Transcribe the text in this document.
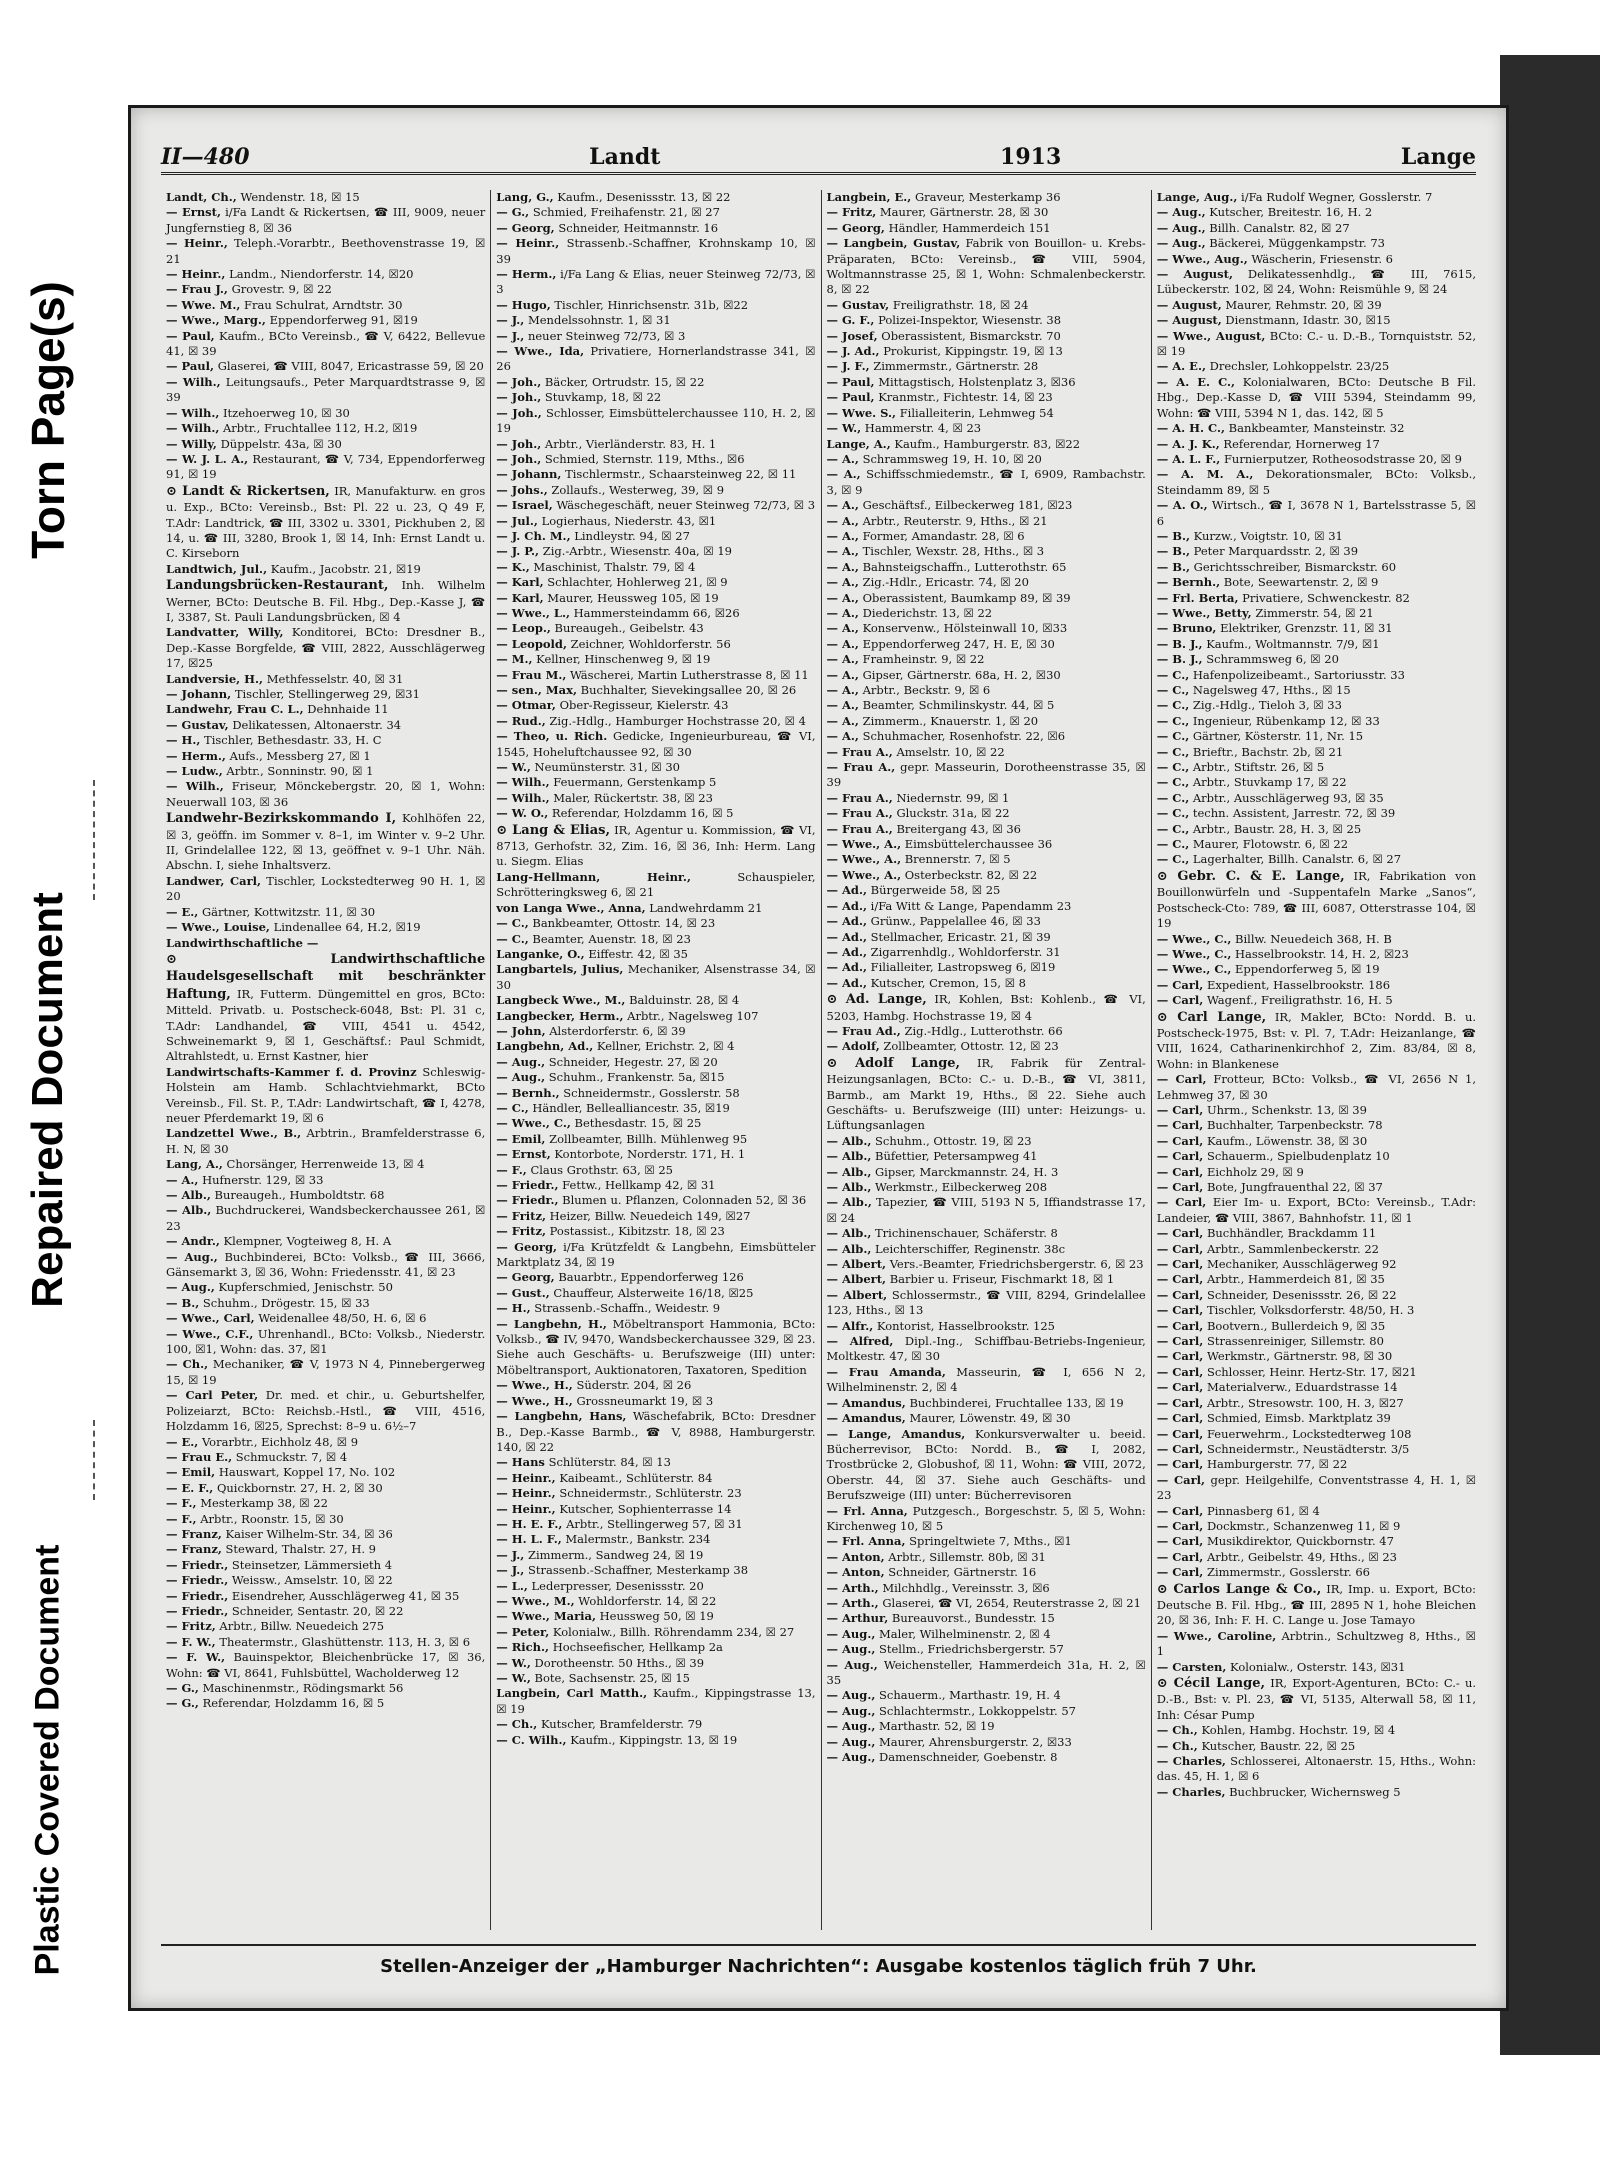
Torn Page(s)
Repaired Document
Plastic Covered Document
II—480	Landt	1913	Lange

Landt, Ch., Wendenstr. 18, ☒ 15

— Ernst, i/Fa Landt & Rickertsen, ☎ III, 9009, neuer Jungfernstieg 8, ☒ 36

— Heinr., Teleph.-Vorarbtr., Beethovenstrasse 19, ☒ 21

— Heinr., Landm., Niendorferstr. 14, ☒20

— Frau J., Grovestr. 9, ☒ 22

— Wwe. M., Frau Schulrat, Arndtstr. 30

— Wwe., Marg., Eppendorferweg 91, ☒19

— Paul, Kaufm., BCto Vereinsb., ☎ V, 6422, Bellevue 41, ☒ 39

— Paul, Glaserei, ☎ VIII, 8047, Ericastrasse 59, ☒ 20

— Wilh., Leitungsaufs., Peter Marquardtstrasse 9, ☒ 39

— Wilh., Itzehoerweg 10, ☒ 30

— Wilh., Arbtr., Fruchtallee 112, H.2, ☒19

— Willy, Düppelstr. 43a, ☒ 30

— W. J. L. A., Restaurant, ☎ V, 734, Eppendorferweg 91, ☒ 19

⊙ Landt & Rickertsen, IR, Manufakturw. en gros u. Exp., BCto: Vereinsb., Bst: Pl. 22 u. 23, Q 49 F, T.Adr: Landtrick, ☎ III, 3302 u. 3301, Pickhuben 2, ☒ 14, u. ☎ III, 3280, Brook 1, ☒ 14, Inh: Ernst Landt u. C. Kirseborn

Landtwich, Jul., Kaufm., Jacobstr. 21, ☒19

Landungsbrücken-Restaurant, Inh. Wilhelm Werner, BCto: Deutsche B. Fil. Hbg., Dep.-Kasse J, ☎ I, 3387, St. Pauli Landungsbrücken, ☒ 4

Landvatter, Willy, Konditorei, BCto: Dresdner B., Dep.-Kasse Borgfelde, ☎ VIII, 2822, Ausschlägerweg 17, ☒25

Landversie, H., Methfesselstr. 40, ☒ 31

— Johann, Tischler, Stellingerweg 29, ☒31

Landwehr, Frau C. L., Dehnhaide 11

— Gustav, Delikatessen, Altonaerstr. 34

— H., Tischler, Bethesdastr. 33, H. C

— Herm., Aufs., Messberg 27, ☒ 1

— Ludw., Arbtr., Sonninstr. 90, ☒ 1

— Wilh., Friseur, Mönckebergstr. 20, ☒ 1, Wohn: Neuerwall 103, ☒ 36

Landwehr-Bezirkskommando I, Kohlhöfen 22, ☒ 3, geöffn. im Sommer v. 8–1, im Winter v. 9–2 Uhr. II, Grindelallee 122, ☒ 13, geöffnet v. 9–1 Uhr. Näh. Abschn. I, siehe Inhaltsverz.

Landwer, Carl, Tischler, Lockstedterweg 90 H. 1, ☒ 20

— E., Gärtner, Kottwitzstr. 11, ☒ 30

— Wwe., Louise, Lindenallee 64, H.2, ☒19

Landwirthschaftliche —

⊙ Landwirthschaftliche Haudelsgesellschaft mit beschränkter Haftung, IR, Futterm. Düngemittel en gros, BCto: Mitteld. Privatb. u. Postscheck-6048, Bst: Pl. 31 c, T.Adr: Landhandel, ☎ VIII, 4541 u. 4542, Schweinemarkt 9, ☒ 1, Geschäftsf.: Paul Schmidt, Altrahlstedt, u. Ernst Kastner, hier

Landwirtschafts-Kammer f. d. Provinz Schleswig-Holstein am Hamb. Schlachtviehmarkt, BCto Vereinsb., Fil. St. P., T.Adr: Landwirtschaft, ☎ I, 4278, neuer Pferdemarkt 19, ☒ 6

Landzettel Wwe., B., Arbtrin., Bramfelderstrasse 6, H. N, ☒ 30

Lang, A., Chorsänger, Herrenweide 13, ☒ 4

— A., Hufnerstr. 129, ☒ 33

— Alb., Bureaugeh., Humboldtstr. 68

— Alb., Buchdruckerei, Wandsbeckerchaussee 261, ☒ 23

— Andr., Klempner, Vogteiweg 8, H. A

— Aug., Buchbinderei, BCto: Volksb., ☎ III, 3666, Gänsemarkt 3, ☒ 36, Wohn: Friedensstr. 41, ☒ 23

— Aug., Kupferschmied, Jenischstr. 50

— B., Schuhm., Drögestr. 15, ☒ 33

— Wwe., Carl, Weidenallee 48/50, H. 6, ☒ 6

— Wwe., C.F., Uhrenhandl., BCto: Volksb., Niederstr. 100, ☒1, Wohn: das. 37, ☒1

— Ch., Mechaniker, ☎ V, 1973 N 4, Pinnebergerweg 15, ☒ 19

— Carl Peter, Dr. med. et chir., u. Geburtshelfer, Polizeiarzt, BCto: Reichsb.-Hstl., ☎ VIII, 4516, Holzdamm 16, ☒25, Sprechst: 8–9 u. 6½–7

— E., Vorarbtr., Eichholz 48, ☒ 9

— Frau E., Schmuckstr. 7, ☒ 4

— Emil, Hauswart, Koppel 17, No. 102

— E. F., Quickbornstr. 27, H. 2, ☒ 30

— F., Mesterkamp 38, ☒ 22

— F., Arbtr., Roonstr. 15, ☒ 30

— Franz, Kaiser Wilhelm-Str. 34, ☒ 36

— Franz, Steward, Thalstr. 27, H. 9

— Friedr., Steinsetzer, Lämmersieth 4

— Friedr., Weissw., Amselstr. 10, ☒ 22

— Friedr., Eisendreher, Ausschlägerweg 41, ☒ 35

— Friedr., Schneider, Sentastr. 20, ☒ 22

— Fritz, Arbtr., Billw. Neuedeich 275

— F. W., Theatermstr., Glashüttenstr. 113, H. 3, ☒ 6

— F. W., Bauinspektor, Bleichenbrücke 17, ☒ 36, Wohn: ☎ VI, 8641, Fuhlsbüttel, Wacholderweg 12

— G., Maschinenmstr., Rödingsmarkt 56

— G., Referendar, Holzdamm 16, ☒ 5

Lang, G., Kaufm., Desenissstr. 13, ☒ 22

— G., Schmied, Freihafenstr. 21, ☒ 27

— Georg, Schneider, Heitmannstr. 16

— Heinr., Strassenb.-Schaffner, Krohnskamp 10, ☒ 39

— Herm., i/Fa Lang & Elias, neuer Steinweg 72/73, ☒ 3

— Hugo, Tischler, Hinrichsenstr. 31b, ☒22

— J., Mendelssohnstr. 1, ☒ 31

— J., neuer Steinweg 72/73, ☒ 3

— Wwe., Ida, Privatiere, Hornerlandstrasse 341, ☒ 26

— Joh., Bäcker, Ortrudstr. 15, ☒ 22

— Joh., Stuvkamp, 18, ☒ 22

— Joh., Schlosser, Eimsbüttelerchaussee 110, H. 2, ☒ 19

— Joh., Arbtr., Vierländerstr. 83, H. 1

— Joh., Schmied, Sternstr. 119, Mths., ☒6

— Johann, Tischlermstr., Schaarsteinweg 22, ☒ 11

— Johs., Zollaufs., Westerweg, 39, ☒ 9

— Israel, Wäschegeschäft, neuer Steinweg 72/73, ☒ 3

— Jul., Logierhaus, Niederstr. 43, ☒1

— J. Ch. M., Lindleystr. 94, ☒ 27

— J. P., Zig.-Arbtr., Wiesenstr. 40a, ☒ 19

— K., Maschinist, Thalstr. 79, ☒ 4

— Karl, Schlachter, Hohlerweg 21, ☒ 9

— Karl, Maurer, Heussweg 105, ☒ 19

— Wwe., L., Hammersteindamm 66, ☒26

— Leop., Bureaugeh., Geibelstr. 43

— Leopold, Zeichner, Wohldorferstr. 56

— M., Kellner, Hinschenweg 9, ☒ 19

— Frau M., Wäscherei, Martin Lutherstrasse 8, ☒ 11

— sen., Max, Buchhalter, Sievekingsallee 20, ☒ 26

— Otmar, Ober-Regisseur, Kielerstr. 43

— Rud., Zig.-Hdlg., Hamburger Hochstrasse 20, ☒ 4

— Theo, u. Rich. Gedicke, Ingenieurbureau, ☎ VI, 1545, Hoheluftchaussee 92, ☒ 30

— W., Neumünsterstr. 31, ☒ 30

— Wilh., Feuermann, Gerstenkamp 5

— Wilh., Maler, Rückertstr. 38, ☒ 23

— W. O., Referendar, Holzdamm 16, ☒ 5

⊙ Lang & Elias, IR, Agentur u. Kommission, ☎ VI, 8713, Gerhofstr. 32, Zim. 16, ☒ 36, Inh: Herm. Lang u. Siegm. Elias

Lang-Hellmann, Heinr.,	Schauspieler, Schrötteringksweg 6, ☒ 21

von Langa Wwe., Anna, Landwehrdamm 21

— C., Bankbeamter, Ottostr. 14, ☒ 23

— C., Beamter, Auenstr. 18, ☒ 23

Langanke, O., Eiffestr. 42, ☒ 35

Langbartels, Julius, Mechaniker, Alsenstrasse 34, ☒ 30

Langbeck Wwe., M., Balduinstr. 28, ☒ 4

Langbecker, Herm., Arbtr., Nagelsweg 107

— John, Alsterdorferstr. 6, ☒ 39

Langbehn, Ad., Kellner, Erichstr. 2, ☒ 4

— Aug., Schneider, Hegestr. 27, ☒ 20

— Aug., Schuhm., Frankenstr. 5a, ☒15

— Bernh., Schneidermstr., Gosslerstr. 58

— C., Händler, Bellealliancestr. 35, ☒19

— Wwe., C., Bethesdastr. 15, ☒ 25

— Emil, Zollbeamter, Billh. Mühlenweg 95

— Ernst, Kontorbote, Norderstr. 171, H. 1

— F., Claus Grothstr. 63, ☒ 25

— Friedr., Fettw., Hellkamp 42, ☒ 31

— Friedr., Blumen u. Pflanzen, Colonnaden 52, ☒ 36

— Fritz, Heizer, Billw. Neuedeich 149, ☒27

— Fritz, Postassist., Kibitzstr. 18, ☒ 23

— Georg, i/Fa Krützfeldt & Langbehn, Eimsbütteler Marktplatz 34, ☒ 19

— Georg, Bauarbtr., Eppendorferweg 126

— Gust., Chauffeur, Alsterweite 16/18, ☒25

— H., Strassenb.-Schaffn., Weidestr. 9

— Langbehn, H., Möbeltransport Hammonia, BCto: Volksb., ☎ IV, 9470, Wandsbeckerchaussee 329, ☒ 23. Siehe auch Geschäfts- u. Berufszweige (III) unter: Möbeltransport, Auktionatoren, Taxatoren, Spedition

— Wwe., H., Süderstr. 204, ☒ 26

— Wwe., H., Grossneumarkt 19, ☒ 3

— Langbehn, Hans, Wäschefabrik, BCto: Dresdner B., Dep.-Kasse Barmb., ☎ V, 8988, Hamburgerstr. 140, ☒ 22

— Hans Schlüterstr. 84, ☒ 13

— Heinr., Kaibeamt., Schlüterstr. 84

— Heinr., Schneidermstr., Schlüterstr. 23

— Heinr., Kutscher, Sophienterrasse 14

— H. E. F., Arbtr., Stellingerweg 57, ☒ 31

— H. L. F., Malermstr., Bankstr. 234

— J., Zimmerm., Sandweg 24, ☒ 19

— J., Strassenb.-Schaffner, Mesterkamp 38

— L., Lederpresser, Desenissstr. 20

— Wwe., M., Wohldorferstr. 14, ☒ 22

— Wwe., Maria, Heussweg 50, ☒ 19

— Peter, Kolonialw., Billh. Röhrendamm 234, ☒ 27

— Rich., Hochseefischer, Hellkamp 2a

— W., Dorotheenstr. 50 Hths., ☒ 39

— W., Bote, Sachsenstr. 25, ☒ 15

Langbein, Carl Matth., Kaufm., Kippingstrasse 13, ☒ 19

— Ch., Kutscher, Bramfelderstr. 79

— C. Wilh., Kaufm., Kippingstr. 13, ☒ 19

Langbein, E., Graveur, Mesterkamp 36

— Fritz, Maurer, Gärtnerstr. 28, ☒ 30

— Georg, Händler, Hammerdeich 151

— Langbein, Gustav, Fabrik von Bouillon- u. Krebs-Präparaten, BCto: Vereinsb., ☎ VIII, 5904, Woltmannstrasse 25, ☒ 1, Wohn: Schmalenbeckerstr. 8, ☒ 22

— Gustav, Freiligrathstr. 18, ☒ 24

— G. F., Polizei-Inspektor, Wiesenstr. 38

— Josef, Oberassistent, Bismarckstr. 70

— J. Ad., Prokurist, Kippingstr. 19, ☒ 13

— J. F., Zimmermstr., Gärtnerstr. 28

— Paul, Mittagstisch, Holstenplatz 3, ☒36

— Paul, Kranmstr., Fichtestr. 14, ☒ 23

— Wwe. S., Filialleiterin, Lehmweg 54

— W., Hammerstr. 4, ☒ 23

Lange, A., Kaufm., Hamburgerstr. 83, ☒22

— A., Schrammsweg 19, H. 10, ☒ 20

— A., Schiffsschmiedemstr., ☎ I, 6909, Rambachstr. 3, ☒ 9

— A., Geschäftsf., Eilbeckerweg 181, ☒23

— A., Arbtr., Reuterstr. 9, Hths., ☒ 21

— A., Former, Amandastr. 28, ☒ 6

— A., Tischler, Wexstr. 28, Hths., ☒ 3

— A., Bahnsteigschaffn., Lutterothstr. 65

— A., Zig.-Hdlr., Ericastr. 74, ☒ 20

— A., Oberassistent, Baumkamp 89, ☒ 39

— A., Diederichstr. 13, ☒ 22

— A., Konservenw., Hölsteinwall 10, ☒33

— A., Eppendorferweg 247, H. E, ☒ 30

— A., Framheinstr. 9, ☒ 22

— A., Gipser, Gärtnerstr. 68a, H. 2, ☒30

— A., Arbtr., Beckstr. 9, ☒ 6

— A., Beamter, Schmilinskystr. 44, ☒ 5

— A., Zimmerm., Knauerstr. 1, ☒ 20

— A., Schuhmacher, Rosenhofstr. 22, ☒6

— Frau A., Amselstr. 10, ☒ 22

— Frau A., gepr. Masseurin, Dorotheenstrasse 35, ☒ 39

— Frau A., Niedernstr. 99, ☒ 1

— Frau A., Gluckstr. 31a, ☒ 22

— Frau A., Breitergang 43, ☒ 36

— Wwe., A., Eimsbüttelerchaussee 36

— Wwe., A., Brennerstr. 7, ☒ 5

— Wwe., A., Osterbeckstr. 82, ☒ 22

— Ad., Bürgerweide 58, ☒ 25

— Ad., i/Fa Witt & Lange, Papendamm 23

— Ad., Grünw., Pappelallee 46, ☒ 33

— Ad., Stellmacher, Ericastr. 21, ☒ 39

— Ad., Zigarrenhdlg., Wohldorferstr. 31

— Ad., Filialleiter, Lastropsweg 6, ☒19

— Ad., Kutscher, Cremon, 15, ☒ 8

⊙ Ad. Lange, IR, Kohlen, Bst: Kohlenb., ☎ VI, 5203, Hambg. Hochstrasse 19, ☒ 4

— Frau Ad., Zig.-Hdlg., Lutterothstr. 66

— Adolf, Zollbeamter, Ottostr. 12, ☒ 23

⊙ Adolf Lange, IR, Fabrik für Zentral-Heizungsanlagen, BCto: C.- u. D.-B., ☎ VI, 3811, Barmb., am Markt 19, Hths., ☒ 22. Siehe auch Geschäfts- u. Berufszweige (III) unter: Heizungs- u. Lüftungsanlagen

— Alb., Schuhm., Ottostr. 19, ☒ 23

— Alb., Büfettier, Petersampweg 41

— Alb., Gipser, Marckmannstr. 24, H. 3

— Alb., Werkmstr., Eilbeckerweg 208

— Alb., Tapezier, ☎ VIII, 5193 N 5, Iffiandstrasse 17, ☒ 24

— Alb., Trichinenschauer, Schäferstr. 8

— Alb., Leichterschiffer, Reginenstr. 38c

— Albert, Vers.-Beamter, Friedrichsbergerstr. 6, ☒ 23

— Albert, Barbier u. Friseur, Fischmarkt 18, ☒ 1

— Albert, Schlossermstr., ☎ VIII, 8294, Grindelallee 123, Hths., ☒ 13

— Alfr., Kontorist, Hasselbrookstr. 125

— Alfred, Dipl.-Ing., Schiffbau-Betriebs-Ingenieur, Moltkestr. 47, ☒ 30

— Frau Amanda, Masseurin, ☎ I, 656 N 2, Wilhelminenstr. 2, ☒ 4

— Amandus, Buchbinderei, Fruchtallee 133, ☒ 19

— Amandus, Maurer, Löwenstr. 49, ☒ 30

— Lange, Amandus, Konkursverwalter u. beeid. Bücherrevisor, BCto: Nordd. B., ☎ I, 2082, Trostbrücke 2, Globushof, ☒ 11, Wohn: ☎ VIII, 2072, Oberstr. 44, ☒ 37. Siehe auch Geschäfts- und Berufszweige (III) unter: Bücherrevisoren

— Frl. Anna, Putzgesch., Borgeschstr. 5, ☒ 5, Wohn: Kirchenweg 10, ☒ 5

— Frl. Anna, Springeltwiete 7, Mths., ☒1

— Anton, Arbtr., Sillemstr. 80b, ☒ 31

— Anton, Schneider, Gärtnerstr. 16

— Arth., Milchhdlg., Vereinsstr. 3, ☒6

— Arth., Glaserei, ☎ VI, 2654, Reuterstrasse 2, ☒ 21

— Arthur, Bureauvorst., Bundesstr. 15

— Aug., Maler, Wilhelminenstr. 2, ☒ 4

— Aug., Stellm., Friedrichsbergerstr. 57

— Aug., Weichensteller, Hammerdeich 31a, H. 2, ☒ 35

— Aug., Schauerm., Marthastr. 19, H. 4

— Aug., Schlachtermstr., Lokkoppelstr. 57

— Aug., Marthastr. 52, ☒ 19

— Aug., Maurer, Ahrensburgerstr. 2, ☒33

— Aug., Damenschneider, Goebenstr. 8

Lange, Aug., i/Fa Rudolf Wegner, Gosslerstr. 7

— Aug., Kutscher, Breitestr. 16, H. 2

— Aug., Billh. Canalstr. 82, ☒ 27

— Aug., Bäckerei, Müggenkampstr. 73

— Wwe., Aug., Wäscherin, Friesenstr. 6

— August, Delikatessenhdlg., ☎ III, 7615, Lübeckerstr. 102, ☒ 24, Wohn: Reismühle 9, ☒ 24

— August, Maurer, Rehmstr. 20, ☒ 39

— August, Dienstmann, Idastr. 30, ☒15

— Wwe., August, BCto: C.- u. D.-B., Tornquiststr. 52, ☒ 19

— A. E., Drechsler, Lohkoppelstr. 23/25

— A. E. C., Kolonialwaren, BCto: Deutsche B Fil. Hbg., Dep.-Kasse D, ☎ VIII 5394, Steindamm 99, Wohn: ☎ VIII, 5394 N 1, das. 142, ☒ 5

— A. H. C., Bankbeamter, Mansteinstr. 32

— A. J. K., Referendar, Hornerweg 17

— A. L. F., Furnierputzer, Rotheosodstrasse 20, ☒ 9

— A. M. A., Dekorationsmaler, BCto: Volksb., Steindamm 89, ☒ 5

— A. O., Wirtsch., ☎ I, 3678 N 1, Bartelsstrasse 5, ☒ 6

— B., Kurzw., Voigtstr. 10, ☒ 31

— B., Peter Marquardsstr. 2, ☒ 39

— B., Gerichtsschreiber, Bismarckstr. 60

— Bernh., Bote, Seewartenstr. 2, ☒ 9

— Frl. Berta, Privatiere, Schwenckestr. 82

— Wwe., Betty, Zimmerstr. 54, ☒ 21

— Bruno, Elektriker, Grenzstr. 11, ☒ 31

— B. J., Kaufm., Woltmannstr. 7/9, ☒1

— B. J., Schrammsweg 6, ☒ 20

— C., Hafenpolizeibeamt., Sartoriusstr. 33

— C., Nagelsweg 47, Hths., ☒ 15

— C., Zig.-Hdlg., Tieloh 3, ☒ 33

— C., Ingenieur, Rübenkamp 12, ☒ 33

— C., Gärtner, Kösterstr. 11, Nr. 15

— C., Brieftr., Bachstr. 2b, ☒ 21

— C., Arbtr., Stiftstr. 26, ☒ 5

— C., Arbtr., Stuvkamp 17, ☒ 22

— C., Arbtr., Ausschlägerweg 93, ☒ 35

— C., techn. Assistent, Jarrestr. 72, ☒ 39

— C., Arbtr., Baustr. 28, H. 3, ☒ 25

— C., Maurer, Flotowstr. 6, ☒ 22

— C., Lagerhalter, Billh. Canalstr. 6, ☒ 27

⊙ Gebr. C. & E. Lange, IR, Fabrikation von Bouillonwürfeln und -Suppentafeln Marke „Sanos“, Postscheck-Cto: 789, ☎ III, 6087, Otterstrasse 104, ☒ 19

— Wwe., C., Billw. Neuedeich 368, H. B

— Wwe., C., Hasselbrookstr. 14, H. 2, ☒23

— Wwe., C., Eppendorferweg 5, ☒ 19

— Carl, Expedient, Hasselbrookstr. 186

— Carl, Wagenf., Freiligrathstr. 16, H. 5

⊙ Carl Lange, IR, Makler, BCto: Nordd. B. u. Postscheck-1975, Bst: v. Pl. 7, T.Adr: Heizanlange, ☎ VIII, 1624, Catharinenkirchhof 2, Zim. 83/84, ☒ 8, Wohn: in Blankenese

— Carl, Frotteur, BCto: Volksb., ☎ VI, 2656 N 1, Lehmweg 37, ☒ 30

— Carl, Uhrm., Schenkstr. 13, ☒ 39

— Carl, Buchhalter, Tarpenbeckstr. 78

— Carl, Kaufm., Löwenstr. 38, ☒ 30

— Carl, Schauerm., Spielbudenplatz 10

— Carl, Eichholz 29, ☒ 9

— Carl, Bote, Jungfrauenthal 22, ☒ 37

— Carl, Eier Im- u. Export, BCto: Vereinsb., T.Adr: Landeier, ☎ VIII, 3867, Bahnhofstr. 11, ☒ 1

— Carl, Buchhändler, Brackdamm 11

— Carl, Arbtr., Sammlenbeckerstr. 22

— Carl, Mechaniker, Ausschlägerweg 92

— Carl, Arbtr., Hammerdeich 81, ☒ 35

— Carl, Schneider, Desenissstr. 26, ☒ 22

— Carl, Tischler, Volksdorferstr. 48/50, H. 3

— Carl, Bootvern., Bullerdeich 9, ☒ 35

— Carl, Strassenreiniger, Sillemstr. 80

— Carl, Werkmstr., Gärtnerstr. 98, ☒ 30

— Carl, Schlosser, Heinr. Hertz-Str. 17, ☒21

— Carl, Materialverw., Eduardstrasse 14

— Carl, Arbtr., Stresowstr. 100, H. 3, ☒27

— Carl, Schmied, Eimsb. Marktplatz 39

— Carl, Feuerwehrm., Lockstedterweg 108

— Carl, Schneidermstr., Neustädterstr. 3/5

— Carl, Hamburgerstr. 77, ☒ 22

— Carl, gepr. Heilgehilfe, Conventstrasse 4, H. 1, ☒ 23

— Carl, Pinnasberg 61, ☒ 4

— Carl, Dockmstr., Schanzenweg 11, ☒ 9

— Carl, Musikdirektor, Quickbornstr. 47

— Carl, Arbtr., Geibelstr. 49, Hths., ☒ 23

— Carl, Zimmermstr., Gosslerstr. 66

⊙ Carlos Lange & Co., IR, Imp. u. Export, BCto: Deutsche B. Fil. Hbg., ☎ III, 2895 N 1, hohe Bleichen 20, ☒ 36, Inh: F. H. C. Lange u. Jose Tamayo

— Wwe., Caroline, Arbtrin., Schultzweg 8, Hths., ☒ 1

— Carsten, Kolonialw., Osterstr. 143, ☒31

⊙ Cécil Lange, IR, Export-Agenturen, BCto: C.- u. D.-B., Bst: v. Pl. 23, ☎ VI, 5135, Alterwall 58, ☒ 11, Inh: César Pump

— Ch., Kohlen, Hambg. Hochstr. 19, ☒ 4

— Ch., Kutscher, Baustr. 22, ☒ 25

— Charles, Schlosserei, Altonaerstr. 15, Hths., Wohn: das. 45, H. 1, ☒ 6

— Charles, Buchbrucker, Wichernsweg 5

Stellen-Anzeiger der „Hamburger Nachrichten“: Ausgabe kostenlos täglich früh 7 Uhr.
